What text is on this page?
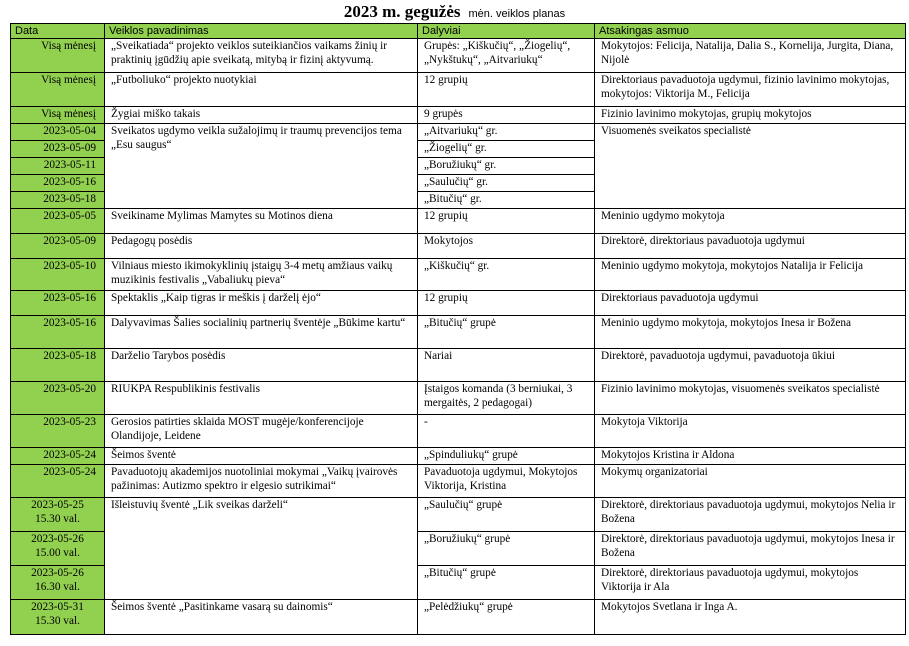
2023 m. gegužės mėn. veiklos planas
Data	Veiklos pavadinimas	Dalyviai	Atsakingas asmuo
Visą mėnesį	„Sveikatiada“ projekto veiklos suteikiančios vaikams žinių ir praktinių įgūdžių apie sveikatą, mitybą ir fizinį aktyvumą.	Grupės: „Kiškučių“, „Žiogelių“, „Nykštukų“, „Aitvariukų“	Mokytojos: Felicija, Natalija, Dalia S., Kornelija, Jurgita, Diana, Nijolė
Visą mėnesį	„Futboliuko“ projekto nuotykiai	12 grupių	Direktoriaus pavaduotoja ugdymui, fizinio lavinimo mokytojas, mokytojos: Viktorija M., Felicija
Visą mėnesį	Žygiai miško takais	9 grupės	Fizinio lavinimo mokytojas, grupių mokytojos
2023-05-04	Sveikatos ugdymo veikla sužalojimų ir traumų prevencijos tema „Esu saugus“	„Aitvariukų“ gr.	Visuomenės sveikatos specialistė
2023-05-09		„Žiogelių“ gr.	
2023-05-11		„Boružiukų“ gr.	
2023-05-16		„Saulučių“ gr.	
2023-05-18		„Bitučių“ gr.	
2023-05-05	Sveikiname Mylimas Mamytes su Motinos diena	12 grupių	Meninio ugdymo mokytoja
2023-05-09	Pedagogų posėdis	Mokytojos	Direktorė, direktoriaus pavaduotoja ugdymui
2023-05-10	Vilniaus miesto ikimokyklinių įstaigų 3-4 metų amžiaus vaikų muzikinis festivalis „Vabaliukų pieva“	„Kiškučių“ gr.	Meninio ugdymo mokytoja, mokytojos Natalija ir Felicija
2023-05-16	Spektaklis „Kaip tigras ir meškis į darželį ėjo“	12 grupių	Direktoriaus pavaduotoja ugdymui
2023-05-16	Dalyvavimas Šalies socialinių partnerių šventėje „Būkime kartu“	„Bitučių“ grupė	Meninio ugdymo mokytoja, mokytojos Inesa ir Božena
2023-05-18	Darželio Tarybos posėdis	Nariai	Direktorė, pavaduotoja ugdymui, pavaduotoja ūkiui
2023-05-20	RIUKPA Respublikinis festivalis	Įstaigos komanda (3 berniukai, 3 mergaitės, 2 pedagogai)	Fizinio lavinimo mokytojas, visuomenės sveikatos specialistė
2023-05-23	Gerosios patirties sklaida MOST mugėje/konferencijoje Olandijoje, Leidene	-	Mokytoja Viktorija
2023-05-24	Šeimos šventė	„Spinduliukų“ grupė	Mokytojos Kristina ir Aldona
2023-05-24	Pavaduotojų akademijos nuotoliniai mokymai „Vaikų įvairovės pažinimas: Autizmo spektro ir elgesio sutrikimai“	Pavaduotoja ugdymui, Mokytojos Viktorija, Kristina	Mokymų organizatoriai

2023-05-25
15.30 val.	Išleistuvių šventė „Lik sveikas darželi“	„Saulučių“ grupė	Direktorė, direktoriaus pavaduotoja ugdymui, mokytojos Nelia ir Božena

2023-05-26
15.00 val.		„Boružiukų“ grupė	Direktorė, direktoriaus pavaduotoja ugdymui, mokytojos Inesa ir Božena

2023-05-26
16.30 val.		„Bitučių“ grupė	Direktorė, direktoriaus pavaduotoja ugdymui, mokytojos Viktorija ir Ala

2023-05-31
15.30 val.	Šeimos šventė „Pasitinkame vasarą su dainomis“	„Pelėdžiukų“ grupė	Mokytojos Svetlana ir Inga A.
